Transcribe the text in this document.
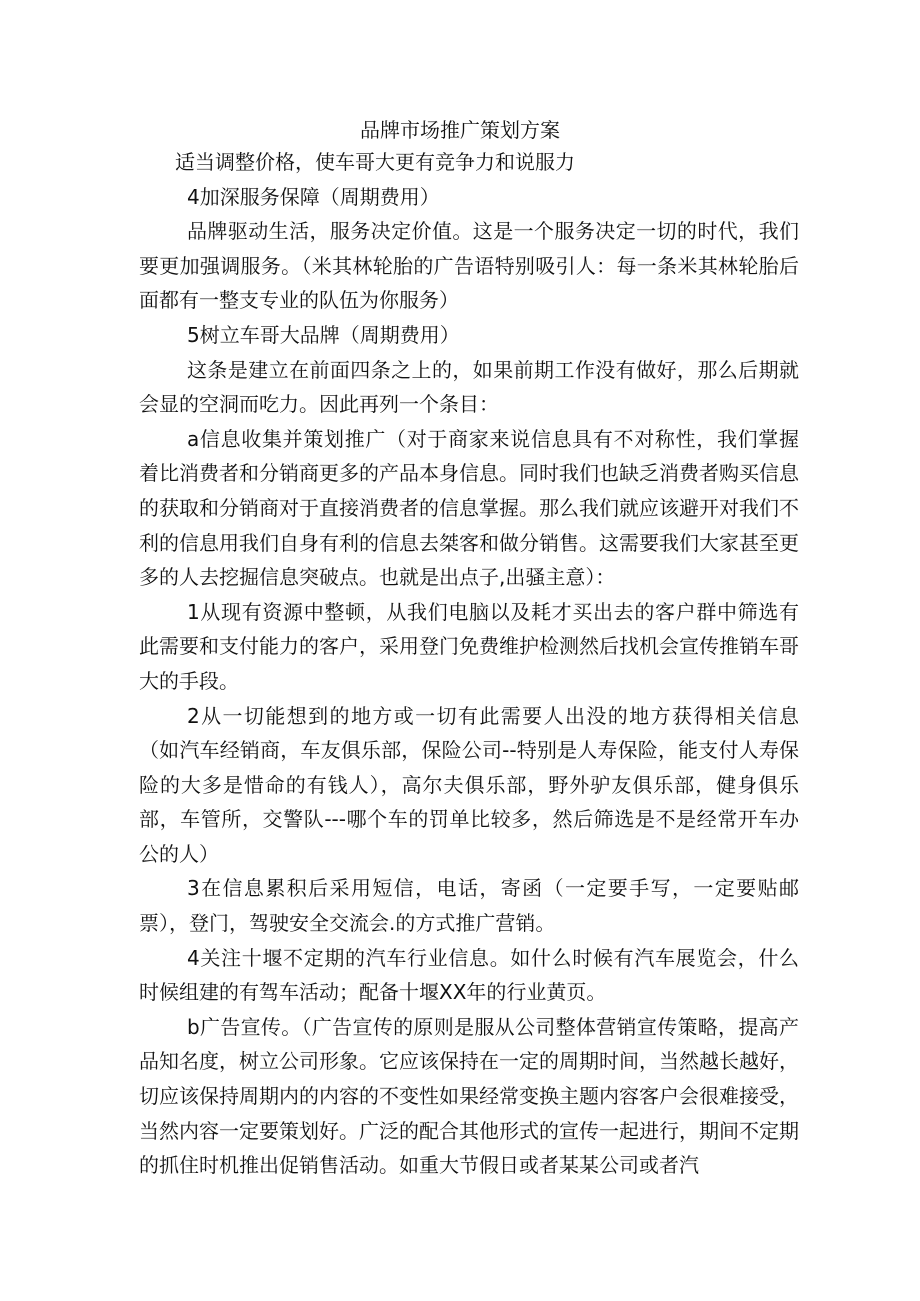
品牌市场推广策划方案

适当调整价格，使车哥大更有竞争力和说服力

4加深服务保障（周期费用）

品牌驱动生活，服务决定价值。这是一个服务决定一切的时代，我们要更加强调服务。（米其林轮胎的广告语特别吸引人：每一条米其林轮胎后面都有一整支专业的队伍为你服务）

5树立车哥大品牌（周期费用）

这条是建立在前面四条之上的，如果前期工作没有做好，那么后期就会显的空洞而吃力。因此再列一个条目：

a信息收集并策划推广（对于商家来说信息具有不对称性，我们掌握着比消费者和分销商更多的产品本身信息。同时我们也缺乏消费者购买信息的获取和分销商对于直接消费者的信息掌握。那么我们就应该避开对我们不利的信息用我们自身有利的信息去桀客和做分销售。这需要我们大家甚至更多的人去挖掘信息突破点。也就是出点子,出骚主意）：

1从现有资源中整顿，从我们电脑以及耗才买出去的客户群中筛选有此需要和支付能力的客户，采用登门免费维护检测然后找机会宣传推销车哥大的手段。

2从一切能想到的地方或一切有此需要人出没的地方获得相关信息（如汽车经销商，车友俱乐部，保险公司--特别是人寿保险，能支付人寿保险的大多是惜命的有钱人），高尔夫俱乐部，野外驴友俱乐部，健身俱乐部，车管所，交警队---哪个车的罚单比较多，然后筛选是不是经常开车办公的人）

3在信息累积后采用短信，电话，寄函（一定要手写，一定要贴邮票），登门，驾驶安全交流会.的方式推广营销。

4关注十堰不定期的汽车行业信息。如什么时候有汽车展览会，什么时候组建的有驾车活动；配备十堰XX年的行业黄页。

b广告宣传。（广告宣传的原则是服从公司整体营销宣传策略，提高产品知名度，树立公司形象。它应该保持在一定的周期时间，当然越长越好，切应该保持周期内的内容的不变性如果经常变换主题内容客户会很难接受，当然内容一定要策划好。广泛的配合其他形式的宣传一起进行，期间不定期的抓住时机推出促销售活动。如重大节假日或者某某公司或者汽
